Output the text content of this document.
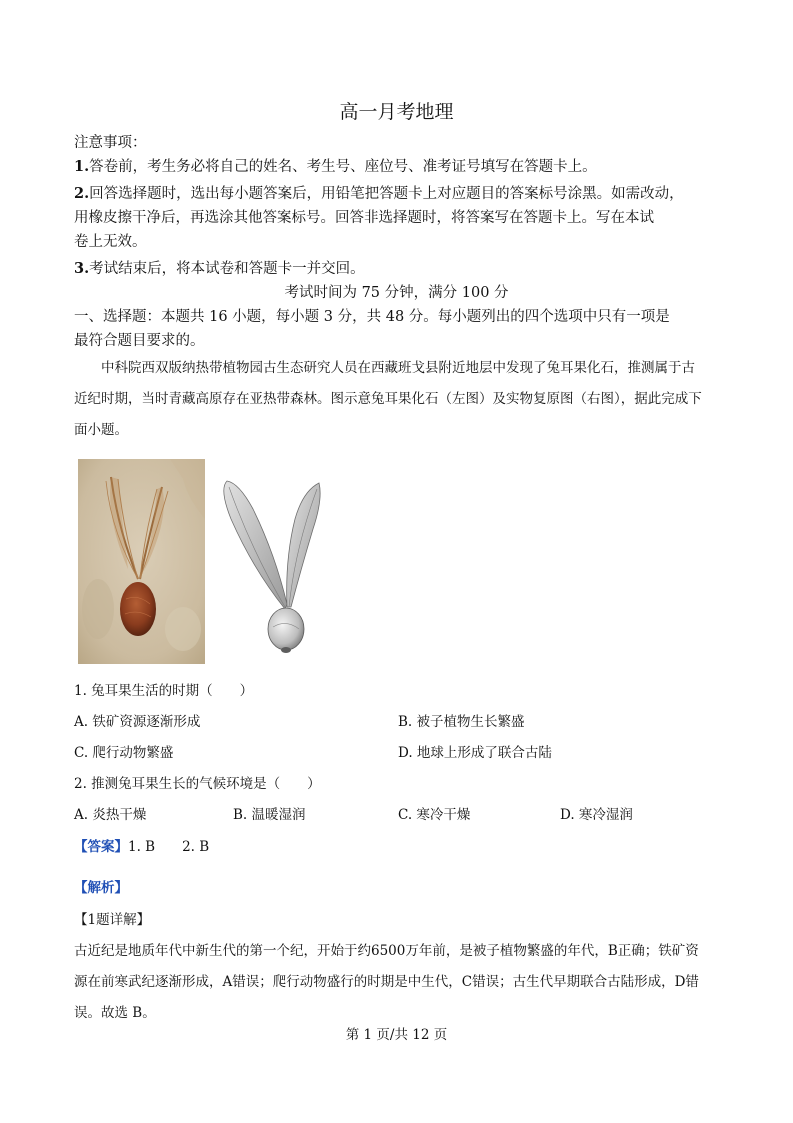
高一月考地理
注意事项：
1.答卷前，考生务必将自己的姓名、考生号、座位号、准考证号填写在答题卡上。
2.回答选择题时，选出每小题答案后，用铅笔把答题卡上对应题目的答案标号涂黑。如需改动，
用橡皮擦干净后，再选涂其他答案标号。回答非选择题时，将答案写在答题卡上。写在本试
卷上无效。
3.考试结束后，将本试卷和答题卡一并交回。
考试时间为 75 分钟，满分 100 分
一、选择题：本题共 16 小题，每小题 3 分，共 48 分。每小题列出的四个选项中只有一项是
最符合题目要求的。
中科院西双版纳热带植物园古生态研究人员在西藏班戈县附近地层中发现了兔耳果化石，推测属于古
近纪时期，当时青藏高原存在亚热带森林。图示意兔耳果化石（左图）及实物复原图（右图），据此完成下
面小题。
1. 兔耳果生活的时期（　　）
A. 铁矿资源逐渐形成	B. 被子植物生长繁盛
C. 爬行动物繁盛	D. 地球上形成了联合古陆
2. 推测兔耳果生长的气候环境是（　　）
A. 炎热干燥	B. 温暖湿润	C. 寒冷干燥	D. 寒冷湿润
【答案】1. B　　2. B
【解析】
【1题详解】
古近纪是地质年代中新生代的第一个纪，开始于约6500万年前，是被子植物繁盛的年代，B正确；铁矿资
源在前寒武纪逐渐形成，A错误；爬行动物盛行的时期是中生代，C错误；古生代早期联合古陆形成，D错
误。故选 B。
第 1 页/共 12 页
